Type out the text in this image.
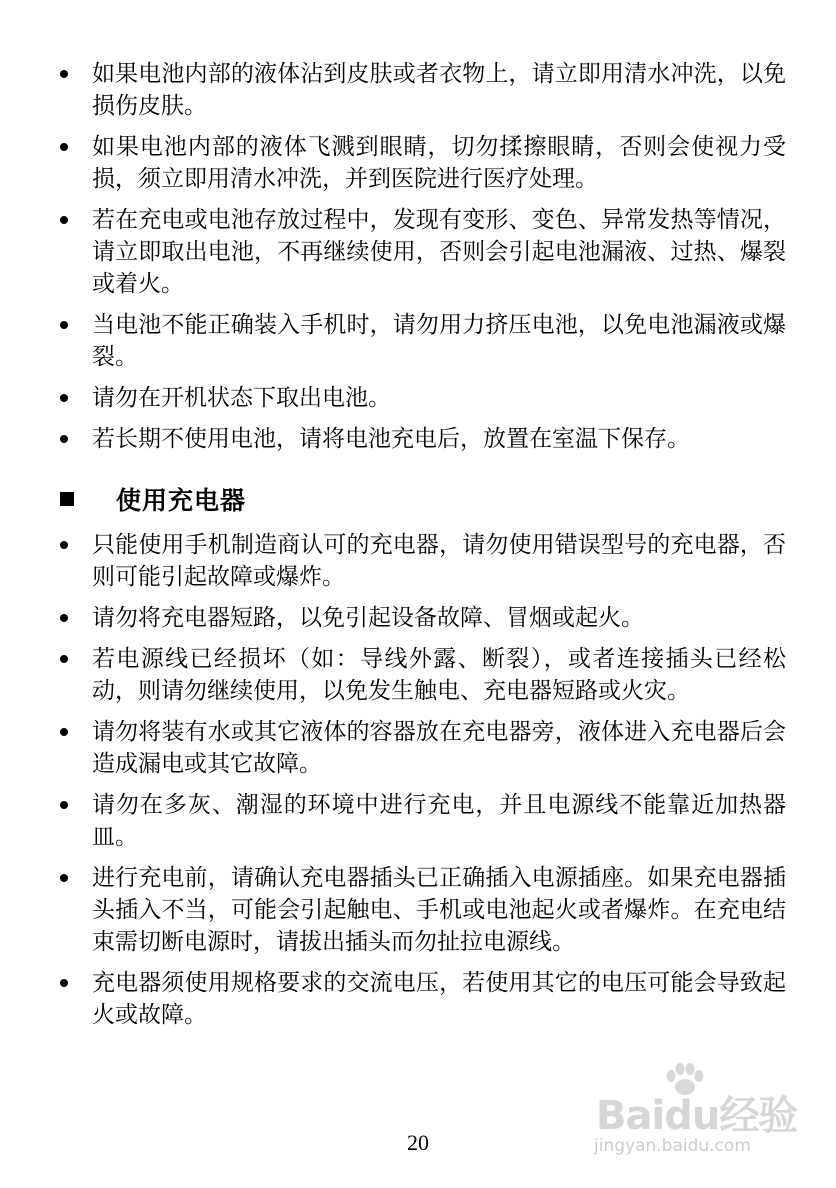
如果电池内部的液体沾到皮肤或者衣物上，请立即用清水冲洗，以免损伤皮肤。
如果电池内部的液体飞溅到眼睛，切勿揉擦眼睛，否则会使视力受损，须立即用清水冲洗，并到医院进行医疗处理。
若在充电或电池存放过程中，发现有变形、变色、异常发热等情况，请立即取出电池，不再继续使用，否则会引起电池漏液、过热、爆裂或着火。
当电池不能正确装入手机时，请勿用力挤压电池，以免电池漏液或爆裂。
请勿在开机状态下取出电池。
若长期不使用电池，请将电池充电后，放置在室温下保存。
使用充电器
只能使用手机制造商认可的充电器，请勿使用错误型号的充电器，否则可能引起故障或爆炸。
请勿将充电器短路，以免引起设备故障、冒烟或起火。
若电源线已经损坏（如：导线外露、断裂），或者连接插头已经松动，则请勿继续使用，以免发生触电、充电器短路或火灾。
请勿将装有水或其它液体的容器放在充电器旁，液体进入充电器后会造成漏电或其它故障。
请勿在多灰、潮湿的环境中进行充电，并且电源线不能靠近加热器皿。
进行充电前，请确认充电器插头已正确插入电源插座。如果充电器插头插入不当，可能会引起触电、手机或电池起火或者爆炸。在充电结束需切断电源时，请拔出插头而勿扯拉电源线。
充电器须使用规格要求的交流电压，若使用其它的电压可能会导致起火或故障。
Baidu经验
jingyan.baidu.com
20
